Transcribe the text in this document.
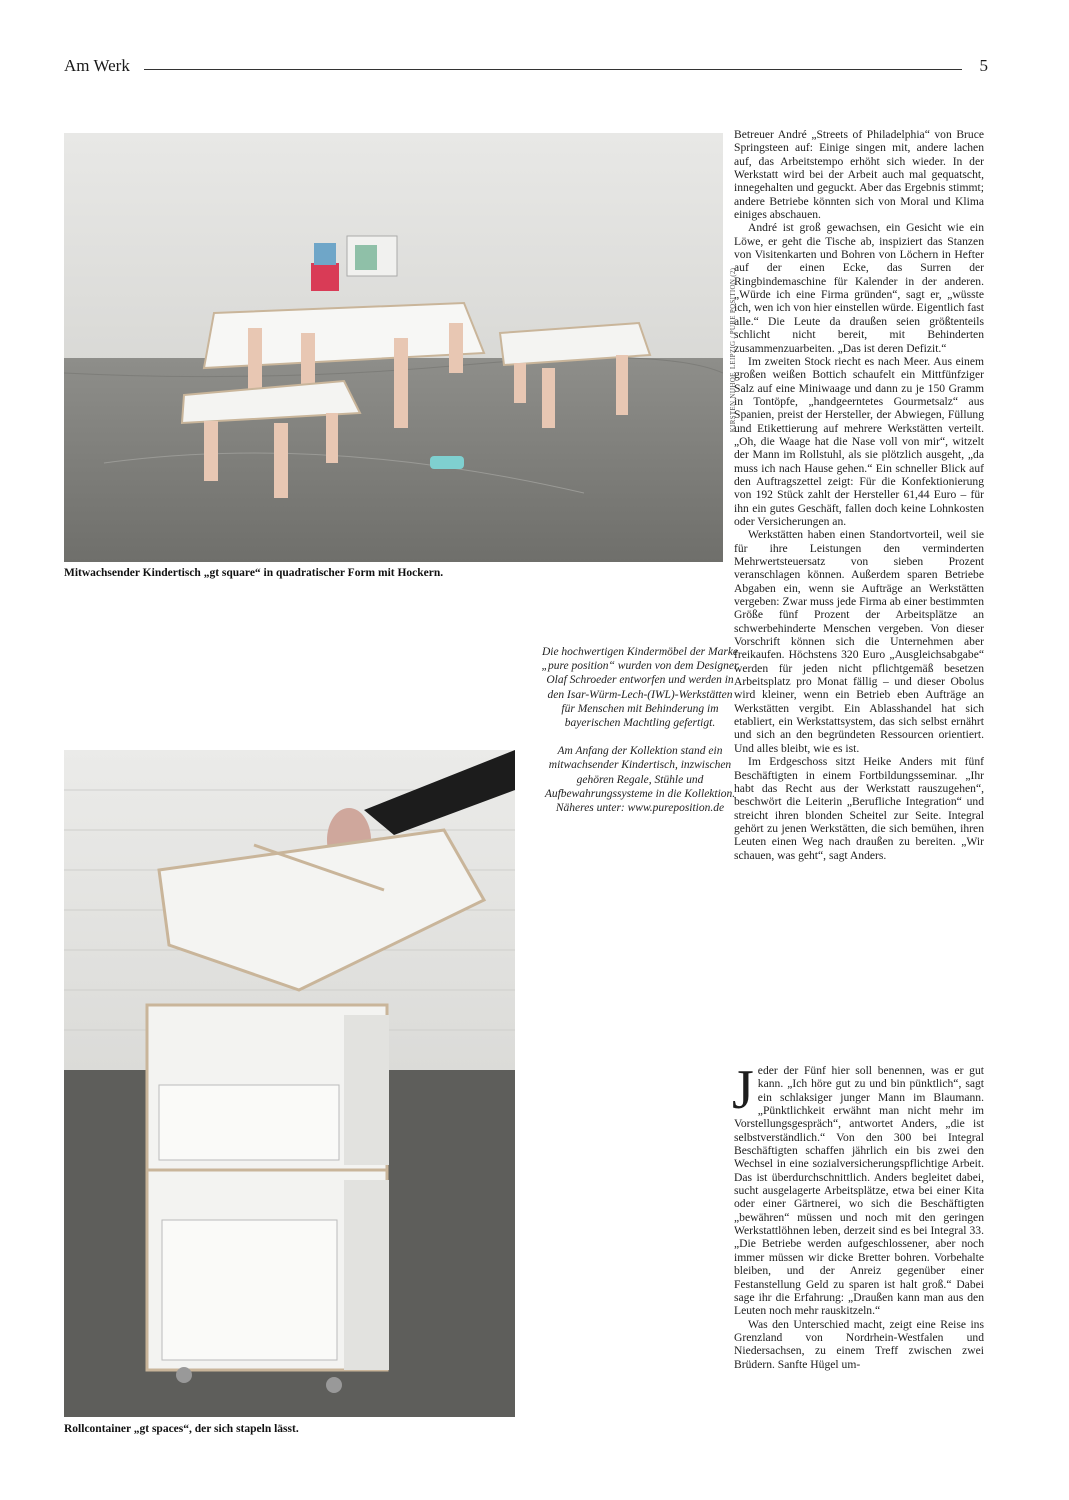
Am Werk	5
KIRSTEN NIJHOF, LEIPZIG / PURE POSITION (2)
Mitwachsender Kindertisch „gt square“ in quadratischer Form mit Hockern.

Die hochwertigen Kindermöbel der Marke „pure position“ wurden von dem Designer Olaf Schroeder entworfen und werden in den Isar-Würm-Lech-(IWL)-Werkstätten für Menschen mit Behinderung im bayerischen Machtling gefertigt.

Am Anfang der Kollektion stand ein mitwachsender Kindertisch, inzwischen gehören Regale, Stühle und Aufbewahrungssysteme in die Kollektion. Näheres unter: www.pureposition.de

Rollcontainer „gt spaces“, der sich stapeln lässt.

Betreuer André „Streets of Philadelphia“ von Bruce Springsteen auf: Einige singen mit, andere lachen auf, das Arbeitstempo erhöht sich wieder. In der Werkstatt wird bei der Arbeit auch mal gequatscht, innegehalten und geguckt. Aber das Ergebnis stimmt; andere Betriebe könnten sich von Moral und Klima einiges abschauen.

André ist groß gewachsen, ein Gesicht wie ein Löwe, er geht die Tische ab, inspiziert das Stanzen von Visitenkarten und Bohren von Löchern in Hefter auf der einen Ecke, das Surren der Ringbindemaschine für Kalender in der anderen. „Würde ich eine Firma gründen“, sagt er, „wüsste ich, wen ich von hier einstellen würde. Eigentlich fast alle.“ Die Leute da draußen seien größtenteils schlicht nicht bereit, mit Behinderten zusammenzuarbeiten. „Das ist deren Defizit.“

Im zweiten Stock riecht es nach Meer. Aus einem großen weißen Bottich schaufelt ein Mittfünfziger Salz auf eine Miniwaage und dann zu je 150 Gramm in Tontöpfe, „handgeerntetes Gourmetsalz“ aus Spanien, preist der Hersteller, der Abwiegen, Füllung und Etikettierung auf mehrere Werkstätten verteilt. „Oh, die Waage hat die Nase voll von mir“, witzelt der Mann im Rollstuhl, als sie plötzlich ausgeht, „da muss ich nach Hause gehen.“ Ein schneller Blick auf den Auftragszettel zeigt: Für die Konfektionierung von 192 Stück zahlt der Hersteller 61,44 Euro – für ihn ein gutes Geschäft, fallen doch keine Lohnkosten oder Versicherungen an.

Werkstätten haben einen Standortvorteil, weil sie für ihre Leistungen den verminderten Mehrwertsteuersatz von sieben Prozent veranschlagen können. Außerdem sparen Betriebe Abgaben ein, wenn sie Aufträge an Werkstätten vergeben: Zwar muss jede Firma ab einer bestimmten Größe fünf Prozent der Arbeitsplätze an schwerbehinderte Menschen vergeben. Von dieser Vorschrift können sich die Unternehmen aber freikaufen. Höchstens 320 Euro „Ausgleichsabgabe“ werden für jeden nicht pflichtgemäß besetzen Arbeitsplatz pro Monat fällig – und dieser Obolus wird kleiner, wenn ein Betrieb eben Aufträge an Werkstätten vergibt. Ein Ablasshandel hat sich etabliert, ein Werkstattsystem, das sich selbst ernährt und sich an den begründeten Ressourcen orientiert. Und alles bleibt, wie es ist.

Im Erdgeschoss sitzt Heike Anders mit fünf Beschäftigten in einem Fortbildungsseminar. „Ihr habt das Recht aus der Werkstatt rauszugehen“, beschwört die Leiterin „Berufliche Integration“ und streicht ihren blonden Scheitel zur Seite. Integral gehört zu jenen Werkstätten, die sich bemühen, ihren Leuten einen Weg nach draußen zu bereiten. „Wir schauen, was geht“, sagt Anders.

Jeder der Fünf hier soll benennen, was er gut kann. „Ich höre gut zu und bin pünktlich“, sagt ein schlaksiger junger Mann im Blaumann. „Pünktlichkeit erwähnt man nicht mehr im Vorstellungsgespräch“, antwortet Anders, „die ist selbstverständlich.“ Von den 300 bei Integral Beschäftigten schaffen jährlich ein bis zwei den Wechsel in eine sozialversicherungspflichtige Arbeit. Das ist überdurchschnittlich. Anders begleitet dabei, sucht ausgelagerte Arbeitsplätze, etwa bei einer Kita oder einer Gärtnerei, wo sich die Beschäftigten „bewähren“ müssen und noch mit den geringen Werkstattlöhnen leben, derzeit sind es bei Integral 33. „Die Betriebe werden aufgeschlossener, aber noch immer müssen wir dicke Bretter bohren. Vorbehalte bleiben, und der Anreiz gegenüber einer Festanstellung Geld zu sparen ist halt groß.“ Dabei sage ihr die Erfahrung: „Draußen kann man aus den Leuten noch mehr rauskitzeln.“

Was den Unterschied macht, zeigt eine Reise ins Grenzland von Nordrhein-Westfalen und Niedersachsen, zu einem Treff zwischen zwei Brüdern. Sanfte Hügel um-
